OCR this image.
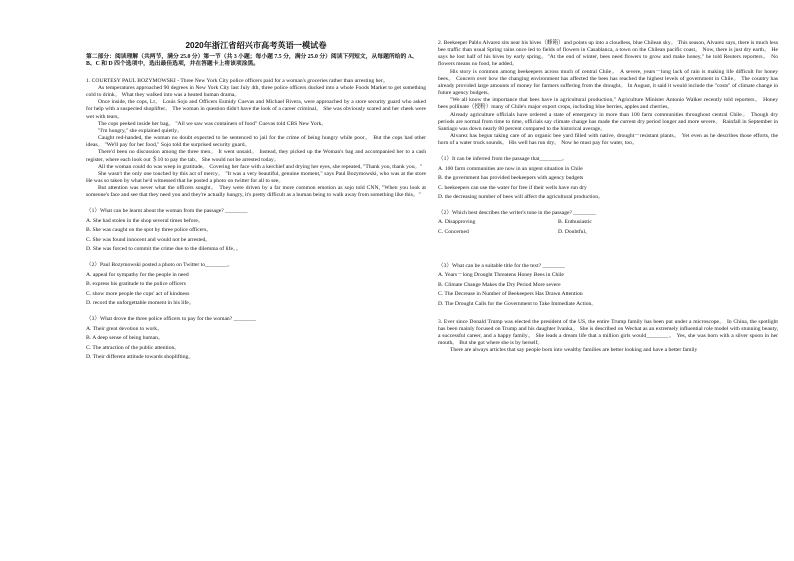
2020年浙江省绍兴市高考英语一模试卷
第二部分：阅读理解（共两节，满分 25.0 分）第一节（共 3 小题；每小题 7.5 分，满分 25.0 分）阅读下列短文，从每题所给的 A、B、C 和 D 四个选项中，选出最佳选项，并在答题卡上将该项涂黑。

1. COURTESY PAUL BOZYMOWSKI ‑ Three New York City police officers paid for a woman's groceries rather than arresting her。

As temperatures approached 90 degrees in New York City last July 4th, three police officers ducked into a whole Foods Market to get something cold to drink。 What they walked into was a heated human drama。

Once inside, the cops, Lt。 Louis Sojo and Officers Esmidy Cuevas and Michael Rivera, were approached by a store security guard who asked for help with a suspected shoplifter。 The woman in question didn't have the look of a career criminal。 She was obviously scared and her cheek were wet with tears。

The cops peeked inside her bag。 "All we saw was containers of food" Cuevas told CBS New York。

"I'm hungry," she explained quietly。

Caught red‑handed, the woman no doubt expected to be sentenced to jail for the crime of being hungry while poor。 But the cops had other ideas。 "We'll pay for her food," Sojo told the surprised security guard。

There'd been no discussion among the three men。 It went unsaid。 Instead, they picked up the Woman's bag and accompanied her to a cash register, where each look out ＄10 to pay the tab。 She would not be arrested today。

All the woman could do was weep in gratitude。 Covering her face with a kerchief and drying her eyes, she repeated, "Thank you, thank you。"

She wasn't the only one touched by this act of mercy。 "It was a very beautiful, genuine moment," says Paul Bozymowski, who was at the store He was so taken by what he'd witnessed that he posted a photo on twitter for all to see。

But attention was never what the officers sought。 They were driven by a far more common emotion as sojo told CNN, "When you look at someone's face and see that they need you and they're actually hungry, it's pretty difficult as a human being to walk away from something like this。"

（1）What can be learnt about the woman from the passage? ________
A. She had stolen in the shop several times before。
B. She was caught on the spot by three police officers。
C. She was found innocent and would not be arrested。
D. She was forced to commit the crime due to the dilemma of life。。
（2）Paul Bozymowski posted a photo on Twitter to________。
A. appeal for sympathy for the people in need
B. express his gratitude to the police officers
C. show more people the cops' act of kindness
D. record the unforgettable moment in his life。
（3）What drove the three police officers to pay for the woman? ________
A. Their great devotion to work。
B. A deep sense of being human。
C. The attraction of the public attention。
D. Their different attitude towards shoplifting。

2. Beekeeper Pablo Alvarez sits near his hives（蜂箱）and points up into a cloudless, blue Chilean sky。 This season, Alvarez says, there is much less bee traffic than usual Spring rains once led to fields of flowers in Casablanca, a town on the Chilean pacific coast。 Now, there is just dry earth。 He says he lost half of his hives by early spring。"At the end of winter, bees need flowers to grow and make honey," he told Reuters reporters。 No flowers means no food, he added。

His story is common among beekeepers across much of central Chile。 A severe, years－long lack of rain is making life difficult for honey bees。 Concern over how the changing environment has affected the bees has reached the highest levels of government in Chile。 The country has already provided large amounts of money for farmers suffering from the drought。 In August, it said it would include the "costs" of climate change in future agency budgets。

"We all know the importance that bees have in agricultural production," Agriculture Minister Antonio Walker recently told reporters。 Honey bees pollinate（授粉）many of Chile's major export crops, including blue berries, apples and cherries。

Already agriculture officials have ordered a state of emergency in more than 100 farm communities throughout central Chile。 Though dry periods are normal from time to time, officials say climate change has made the current dry period longer and more severe。 Rainfall in September in Santiago was down nearly 80 percent compared to the historical average。

Alvarez has begun taking care of an organic bee yard filled with native, drought－resistant plants。 Yet even as he describes those efforts, the horn of a water truck sounds。 His well has run dry。 Now he must pay for water, too。

（1）It can be inferred from the passage that________。
A. 100 farm communities are now in an urgent situation in Chile
B. the government has provided beekeepers with agency budgets
C. beekeepers can use the water for free if their wells have run dry
D. the decreasing number of bees will affect the agricultural production。
（2）Which best describes the writer's tone in the passage? ________
A. Disapproving	B. Enthusiastic
C. Concerned	D. Doubtful。
（3）What can be a suitable title for the text? ________
A. Years－long Drought Threatens Honey Bees in Chile
B. Climate Change Makes the Dry Period More severe
C. The Decrease in Number of Beekeepers Has Drawn Attention
D. The Drought Calls for the Government to Take Immediate Action。

3. Ever since Donald Trump was elected the president of the US, the entire Trump family has been put under a microscope。 In China, the spotlight has been mainly focused on Trump and his daughter Ivanka。 She is described on Wechat as an extremely influential role model with stunning beauty, a successful career, and a happy family。 She leads a dream life that a million girls would________。 Yes, she was born with a silver spoon in her mouth。 But she got where she is by herself。

There are always articles that say people born into wealthy families are better looking and have a better family
